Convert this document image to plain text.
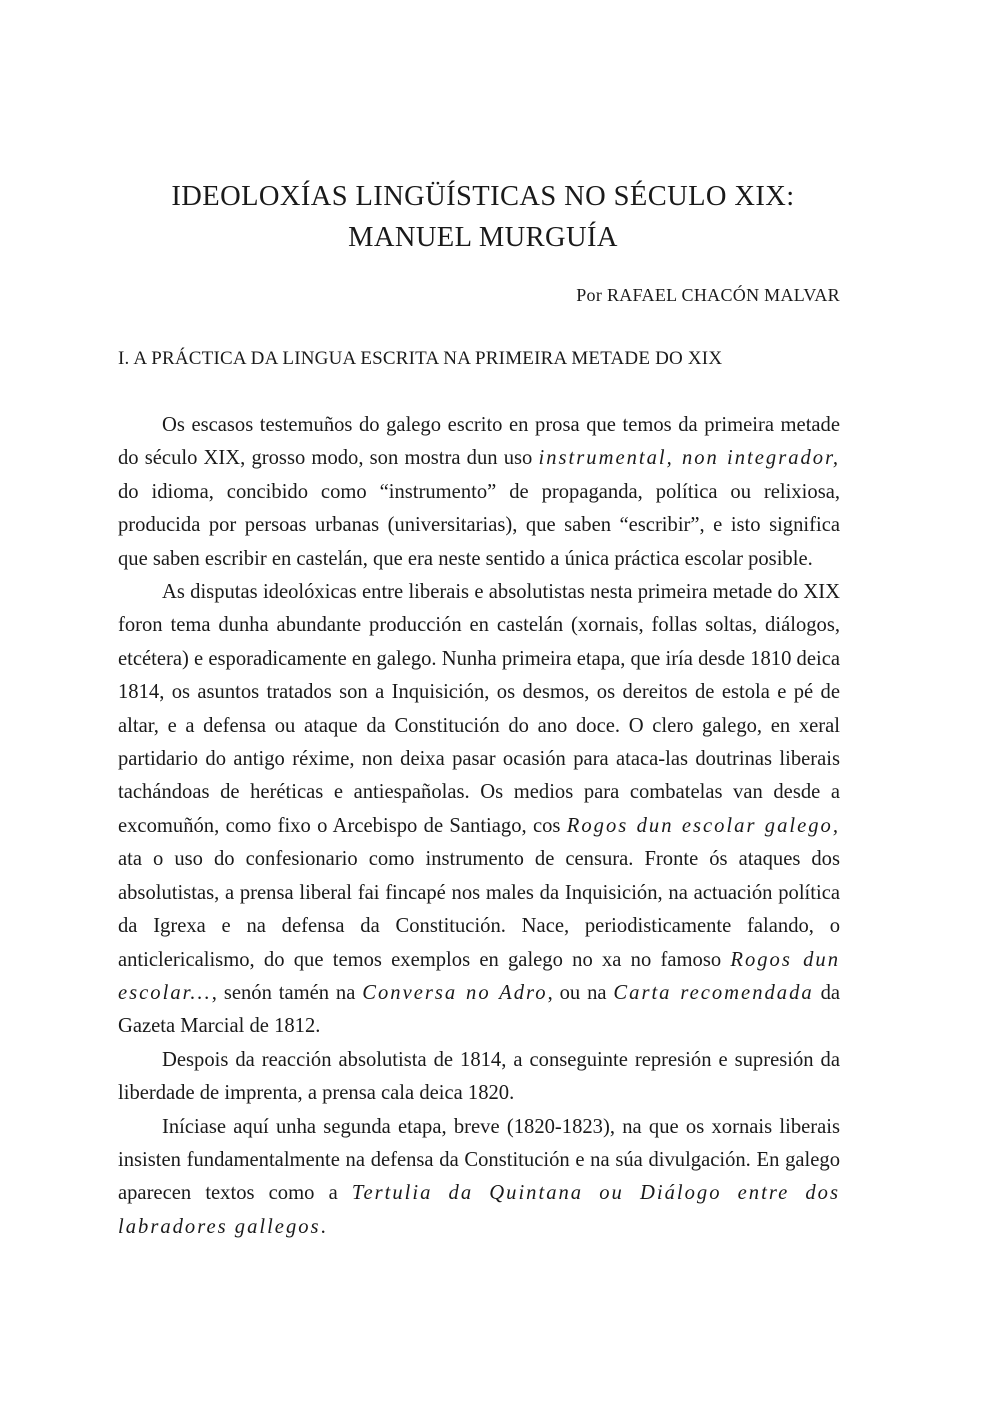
IDEOLOXÍAS LINGÜÍSTICAS NO SÉCULO XIX: MANUEL MURGUÍA

Por RAFAEL CHACÓN MALVAR

I. A PRÁCTICA DA LINGUA ESCRITA NA PRIMEIRA METADE DO XIX

Os escasos testemuños do galego escrito en prosa que temos da primeira metade do século XIX, grosso modo, son mostra dun uso instrumental, non integrador, do idioma, concibido como “instrumento” de propaganda, política ou relixiosa, producida por persoas urbanas (universitarias), que saben “escribir”, e isto significa que saben escribir en castelán, que era neste sentido a única práctica escolar posible.

As disputas ideolóxicas entre liberais e absolutistas nesta primeira metade do XIX foron tema dunha abundante producción en castelán (xornais, follas soltas, diálogos, etcétera) e esporadicamente en galego. Nunha primeira etapa, que iría desde 1810 deica 1814, os asuntos tratados son a Inquisición, os desmos, os dereitos de estola e pé de altar, e a defensa ou ataque da Constitución do ano doce. O clero galego, en xeral partidario do antigo réxime, non deixa pasar ocasión para ataca-las doutrinas liberais tachándoas de heréticas e antiespañolas. Os medios para combatelas van desde a excomuñón, como fixo o Arcebispo de Santiago, cos Rogos dun escolar galego, ata o uso do confesionario como instrumento de censura. Fronte ós ataques dos absolutistas, a prensa liberal fai fincapé nos males da Inquisición, na actuación política da Igrexa e na defensa da Constitución. Nace, periodisticamente falando, o anticlericalismo, do que temos exemplos en galego no xa no famoso Rogos dun escolar..., senón tamén na Conversa no Adro, ou na Carta recomendada da Gazeta Marcial de 1812.

Despois da reacción absolutista de 1814, a conseguinte represión e supresión da liberdade de imprenta, a prensa cala deica 1820.

Iníciase aquí unha segunda etapa, breve (1820-1823), na que os xornais liberais insisten fundamentalmente na defensa da Constitución e na súa divulgación. En galego aparecen textos como a Tertulia da Quintana ou Diálogo entre dos labradores gallegos.
